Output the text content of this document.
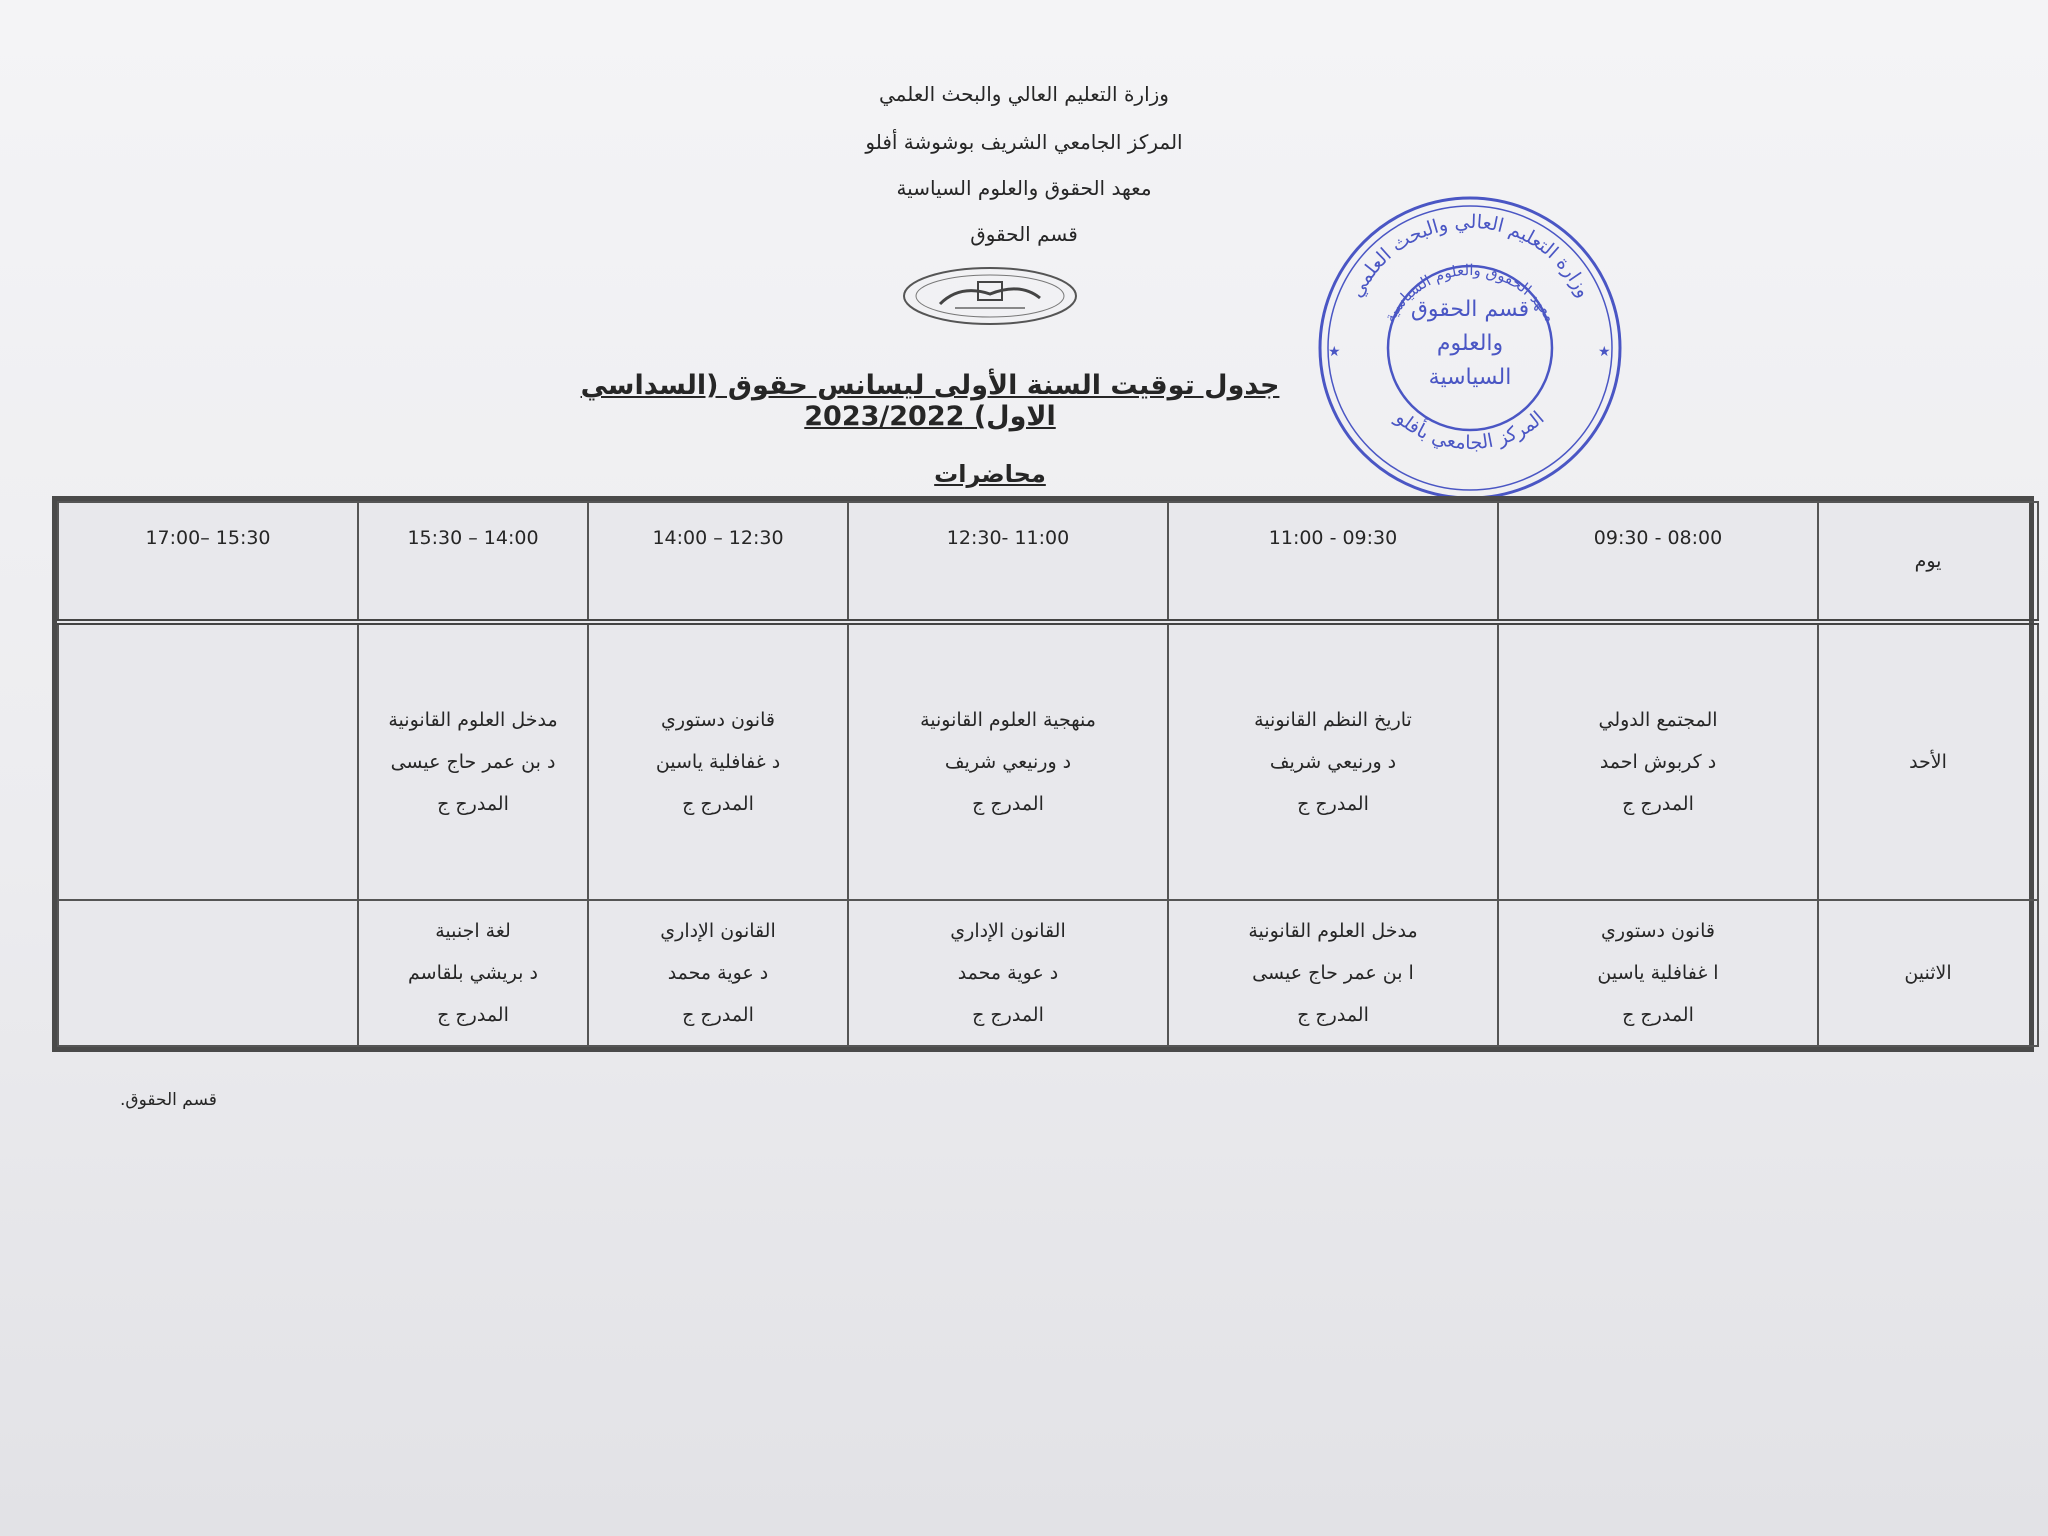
وزارة التعليم العالي والبحث العلمي
المركز الجامعي الشريف بوشوشة أفلو
معهد الحقوق والعلوم السياسية
قسم الحقوق
جدول توقيت السنة الأولى ليسانس حقوق (السداسي الاول) 2023/2022
محاضرات
وزارة التعليم العالي والبحث العلمي
المركز الجامعي بأفلو
معهد الحقوق والعلوم السياسية
قسم الحقوق
والعلوم
السياسية
★
★
يوم	08:00 - 09:30	09:30 - 11:00	11:00 -12:30	12:30 – 14:00	14:00 – 15:30	15:30 –17:00
الأحد	المجتمع الدولي
د كربوش احمد
المدرج ج	تاريخ النظم القانونية
د ورنيعي شريف
المدرج ج	منهجية العلوم القانونية
د ورنيعي شريف
المدرج ج	قانون دستوري
د غفافلية ياسين
المدرج ج	مدخل العلوم القانونية
د بن عمر حاج عيسى
المدرج ج	

الاثنين	قانون دستوري
ا غفافلية ياسين
المدرج ج	مدخل العلوم القانونية
ا بن عمر حاج عيسى
المدرج ج	القانون الإداري
د عوية محمد
المدرج ج	القانون الإداري
د عوية محمد
المدرج ج	لغة اجنبية
د بريشي بلقاسم
المدرج ج	

قسم الحقوق.
